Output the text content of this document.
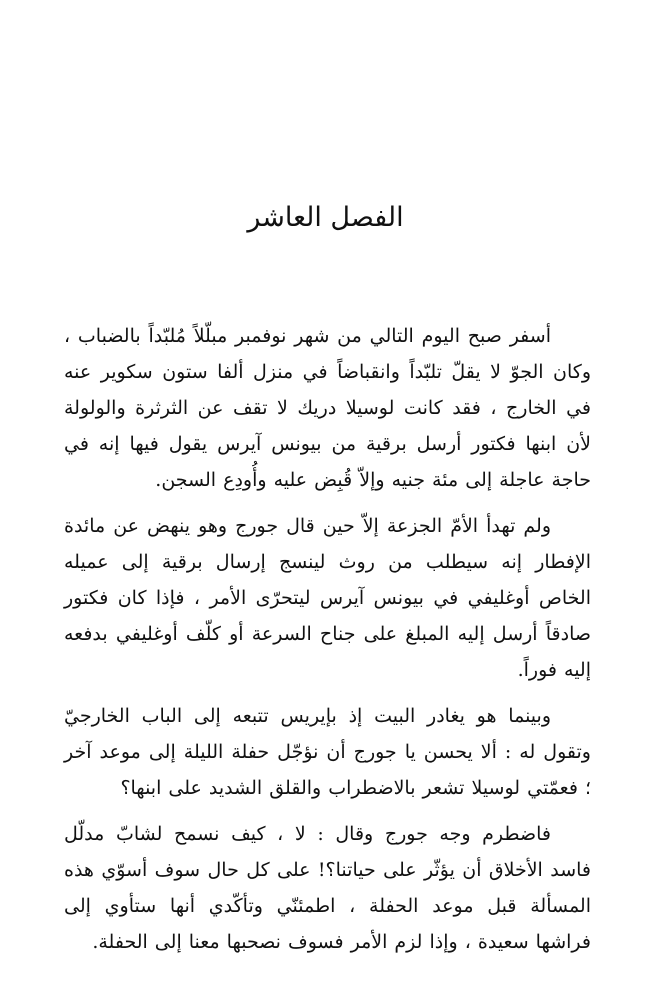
الفصل العاشر

أسفر صبح اليوم التالي من شهر نوفمبر مبلّلاً مُلبّداً بالضباب ، وكان الجوّ لا يقلّ تلبّداً وانقباضاً في منزل ألفا ستون سكوير عنه في الخارج ، فقد كانت لوسيلا دريك لا تقف عن الثرثرة والولولة لأن ابنها فكتور أرسل برقية من بيونس آيرس يقول فيها إنه في حاجة عاجلة إلى مئة جنيه وإلاّ قُبِض عليه وأُودِع السجن.

ولم تهدأ الأمّ الجزعة إلاّ حين قال جورج وهو ينهض عن مائدة الإفطار إنه سيطلب من روث لينسج إرسال برقية إلى عميله الخاص أوغليفي في بيونس آيرس ليتحرّى الأمر ، فإذا كان فكتور صادقاً أرسل إليه المبلغ على جناح السرعة أو كلّف أوغليفي بدفعه إليه فوراً.

وبينما هو يغادر البيت إذ بإيريس تتبعه إلى الباب الخارجيّ وتقول له : ألا يحسن يا جورج أن نؤجّل حفلة الليلة إلى موعد آخر ؛ فعمّتي لوسيلا تشعر بالاضطراب والقلق الشديد على ابنها؟

فاضطرم وجه جورج وقال : لا ، كيف نسمح لشابّ مدلّل فاسد الأخلاق أن يؤثّر على حياتنا؟! على كل حال سوف أسوّي هذه المسألة قبل موعد الحفلة ، اطمئنّي وتأكّدي أنها ستأوي إلى فراشها سعيدة ، وإذا لزم الأمر فسوف نصحبها معنا إلى الحفلة.
